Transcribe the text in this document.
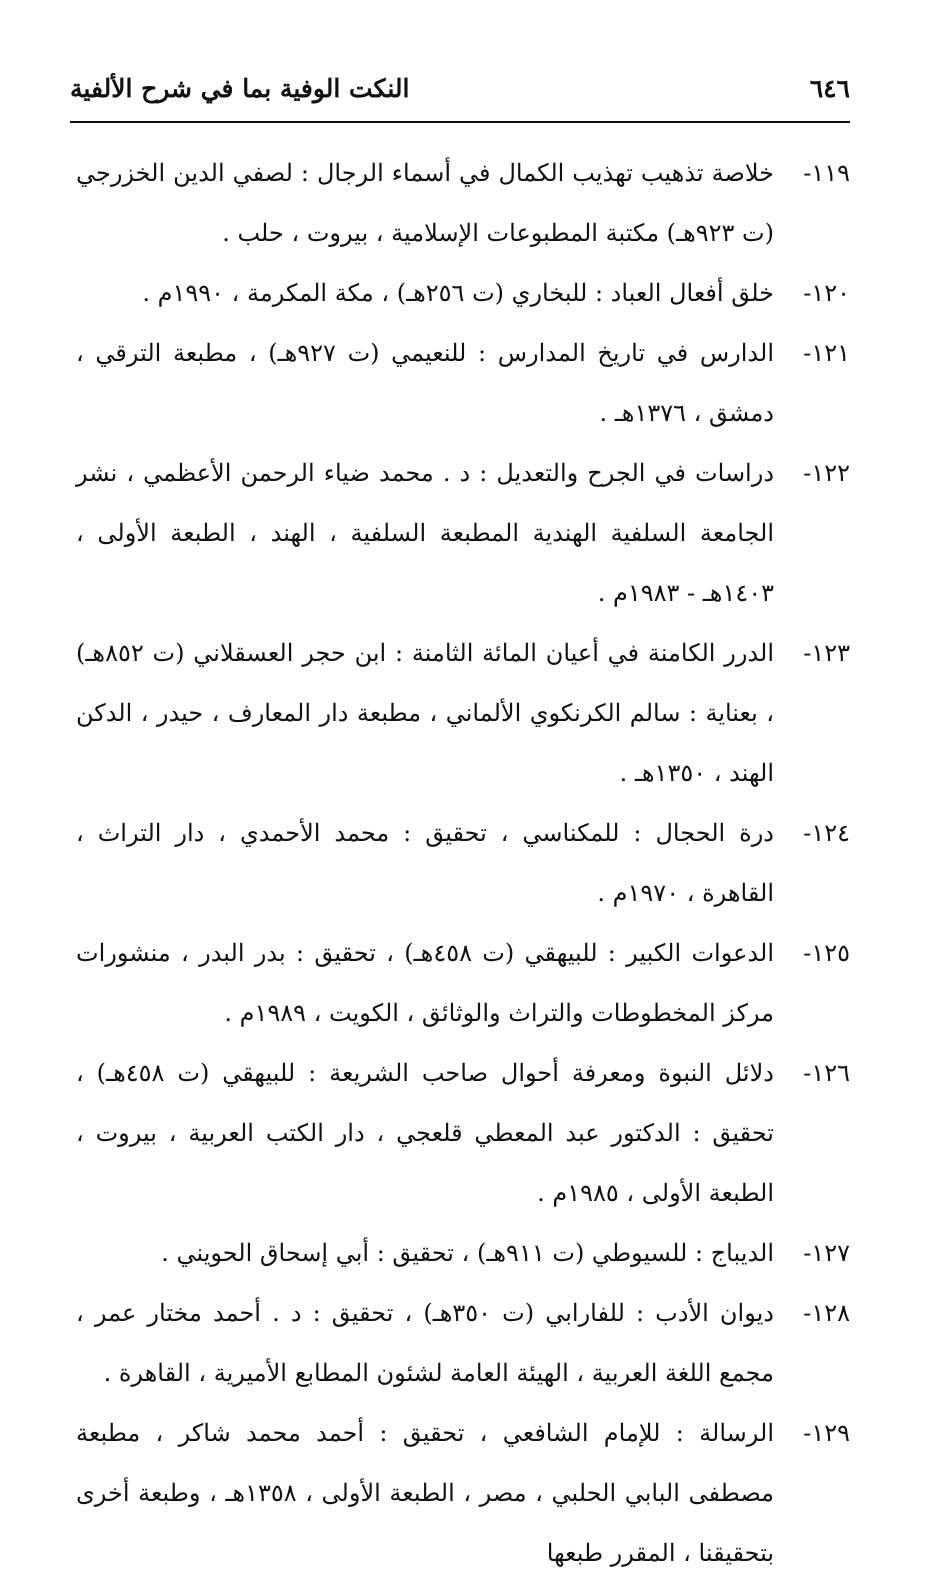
٦٤٦
النكت الوفية بما في شرح الألفية
١١٩-
خلاصة تذهيب تهذيب الكمال في أسماء الرجال : لصفي الدين الخزرجي (ت ٩٢٣هـ) مكتبة المطبوعات الإسلامية ، بيروت ، حلب .
١٢٠-
خلق أفعال العباد : للبخاري (ت ٢٥٦هـ) ، مكة المكرمة ، ١٩٩٠م .
١٢١-
الدارس في تاريخ المدارس : للنعيمي (ت ٩٢٧هـ) ، مطبعة الترقي ، دمشق ، ١٣٧٦هـ .
١٢٢-
دراسات في الجرح والتعديل : د . محمد ضياء الرحمن الأعظمي ، نشر الجامعة السلفية الهندية المطبعة السلفية ، الهند ، الطبعة الأولى ، ١٤٠٣هـ - ١٩٨٣م .
١٢٣-
الدرر الكامنة في أعيان المائة الثامنة : ابن حجر العسقلاني (ت ٨٥٢هـ) ، بعناية : سالم الكرنكوي الألماني ، مطبعة دار المعارف ، حيدر ، الدكن الهند ، ١٣٥٠هـ .
١٢٤-
درة الحجال : للمكناسي ، تحقيق : محمد الأحمدي ، دار التراث ، القاهرة ، ١٩٧٠م .
١٢٥-
الدعوات الكبير : للبيهقي (ت ٤٥٨هـ) ، تحقيق : بدر البدر ، منشورات مركز المخطوطات والتراث والوثائق ، الكويت ، ١٩٨٩م .
١٢٦-
دلائل النبوة ومعرفة أحوال صاحب الشريعة : للبيهقي (ت ٤٥٨هـ) ، تحقيق : الدكتور عبد المعطي قلعجي ، دار الكتب العربية ، بيروت ، الطبعة الأولى ، ١٩٨٥م .
١٢٧-
الديباج : للسيوطي (ت ٩١١هـ) ، تحقيق : أبي إسحاق الحويني .
١٢٨-
ديوان الأدب : للفارابي (ت ٣٥٠هـ) ، تحقيق : د . أحمد مختار عمر ، مجمع اللغة العربية ، الهيئة العامة لشئون المطابع الأميرية ، القاهرة .
١٢٩-
الرسالة : للإمام الشافعي ، تحقيق : أحمد محمد شاكر ، مطبعة مصطفى البابي الحلبي ، مصر ، الطبعة الأولى ، ١٣٥٨هـ ، وطبعة أخرى بتحقيقنا ، المقرر طبعها
